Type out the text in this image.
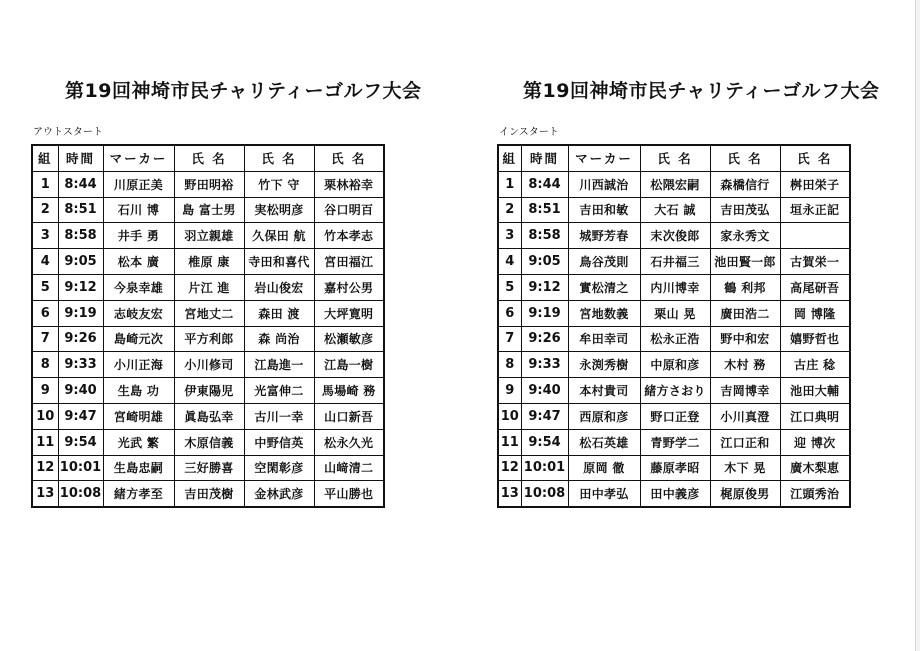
第19回神埼市民チャリティーゴルフ大会
アウトスタート
組	時間	マーカー	氏 名	氏 名	氏 名
1	8:44	川原正美	野田明裕	竹下 守	栗林裕幸
2	8:51	石川 博	島 富士男	実松明彦	谷口明百
3	8:58	井手 勇	羽立親雄	久保田 航	竹本孝志
4	9:05	松本 廣	椎原 康	寺田和喜代	宮田福江
5	9:12	今泉幸雄	片江 進	岩山俊宏	嘉村公男
6	9:19	志岐友宏	宮地丈二	森田 渡	大坪寛明
7	9:26	島崎元次	平方利郎	森 尚治	松瀬敏彦
8	9:33	小川正海	小川修司	江島進一	江島一樹
9	9:40	生島 功	伊東陽児	光富伸二	馬場崎 務
10	9:47	宮崎明雄	眞島弘幸	古川一幸	山口新吾
11	9:54	光武 繁	木原信義	中野信英	松永久光
12	10:01	生島忠嗣	三好勝喜	空閑彰彦	山﨑清二
13	10:08	緒方孝至	吉田茂樹	金林武彦	平山勝也
第19回神埼市民チャリティーゴルフ大会
インスタート
組	時間	マーカー	氏 名	氏 名	氏 名
1	8:44	川西誠治	松隈宏嗣	森橋信行	桝田栄子
2	8:51	吉田和敏	大石 誠	吉田茂弘	垣永正記
3	8:58	城野芳春	末次俊郎	家永秀文	
4	9:05	鳥谷茂則	石井福三	池田賢一郎	古賀栄一
5	9:12	實松清之	内川博幸	鶴 利邦	高尾研吾
6	9:19	宮地数義	栗山 晃	廣田浩二	岡 博隆
7	9:26	牟田幸司	松永正浩	野中和宏	嬉野哲也
8	9:33	永渕秀樹	中原和彦	木村 務	古庄 稔
9	9:40	本村貴司	緒方さおり	吉岡博幸	池田大輔
10	9:47	西原和彦	野口正登	小川真澄	江口典明
11	9:54	松石英雄	青野学二	江口正和	迎 博次
12	10:01	原岡 徹	藤原孝昭	木下 晃	廣木梨恵
13	10:08	田中孝弘	田中義彦	梶原俊男	江頭秀治
